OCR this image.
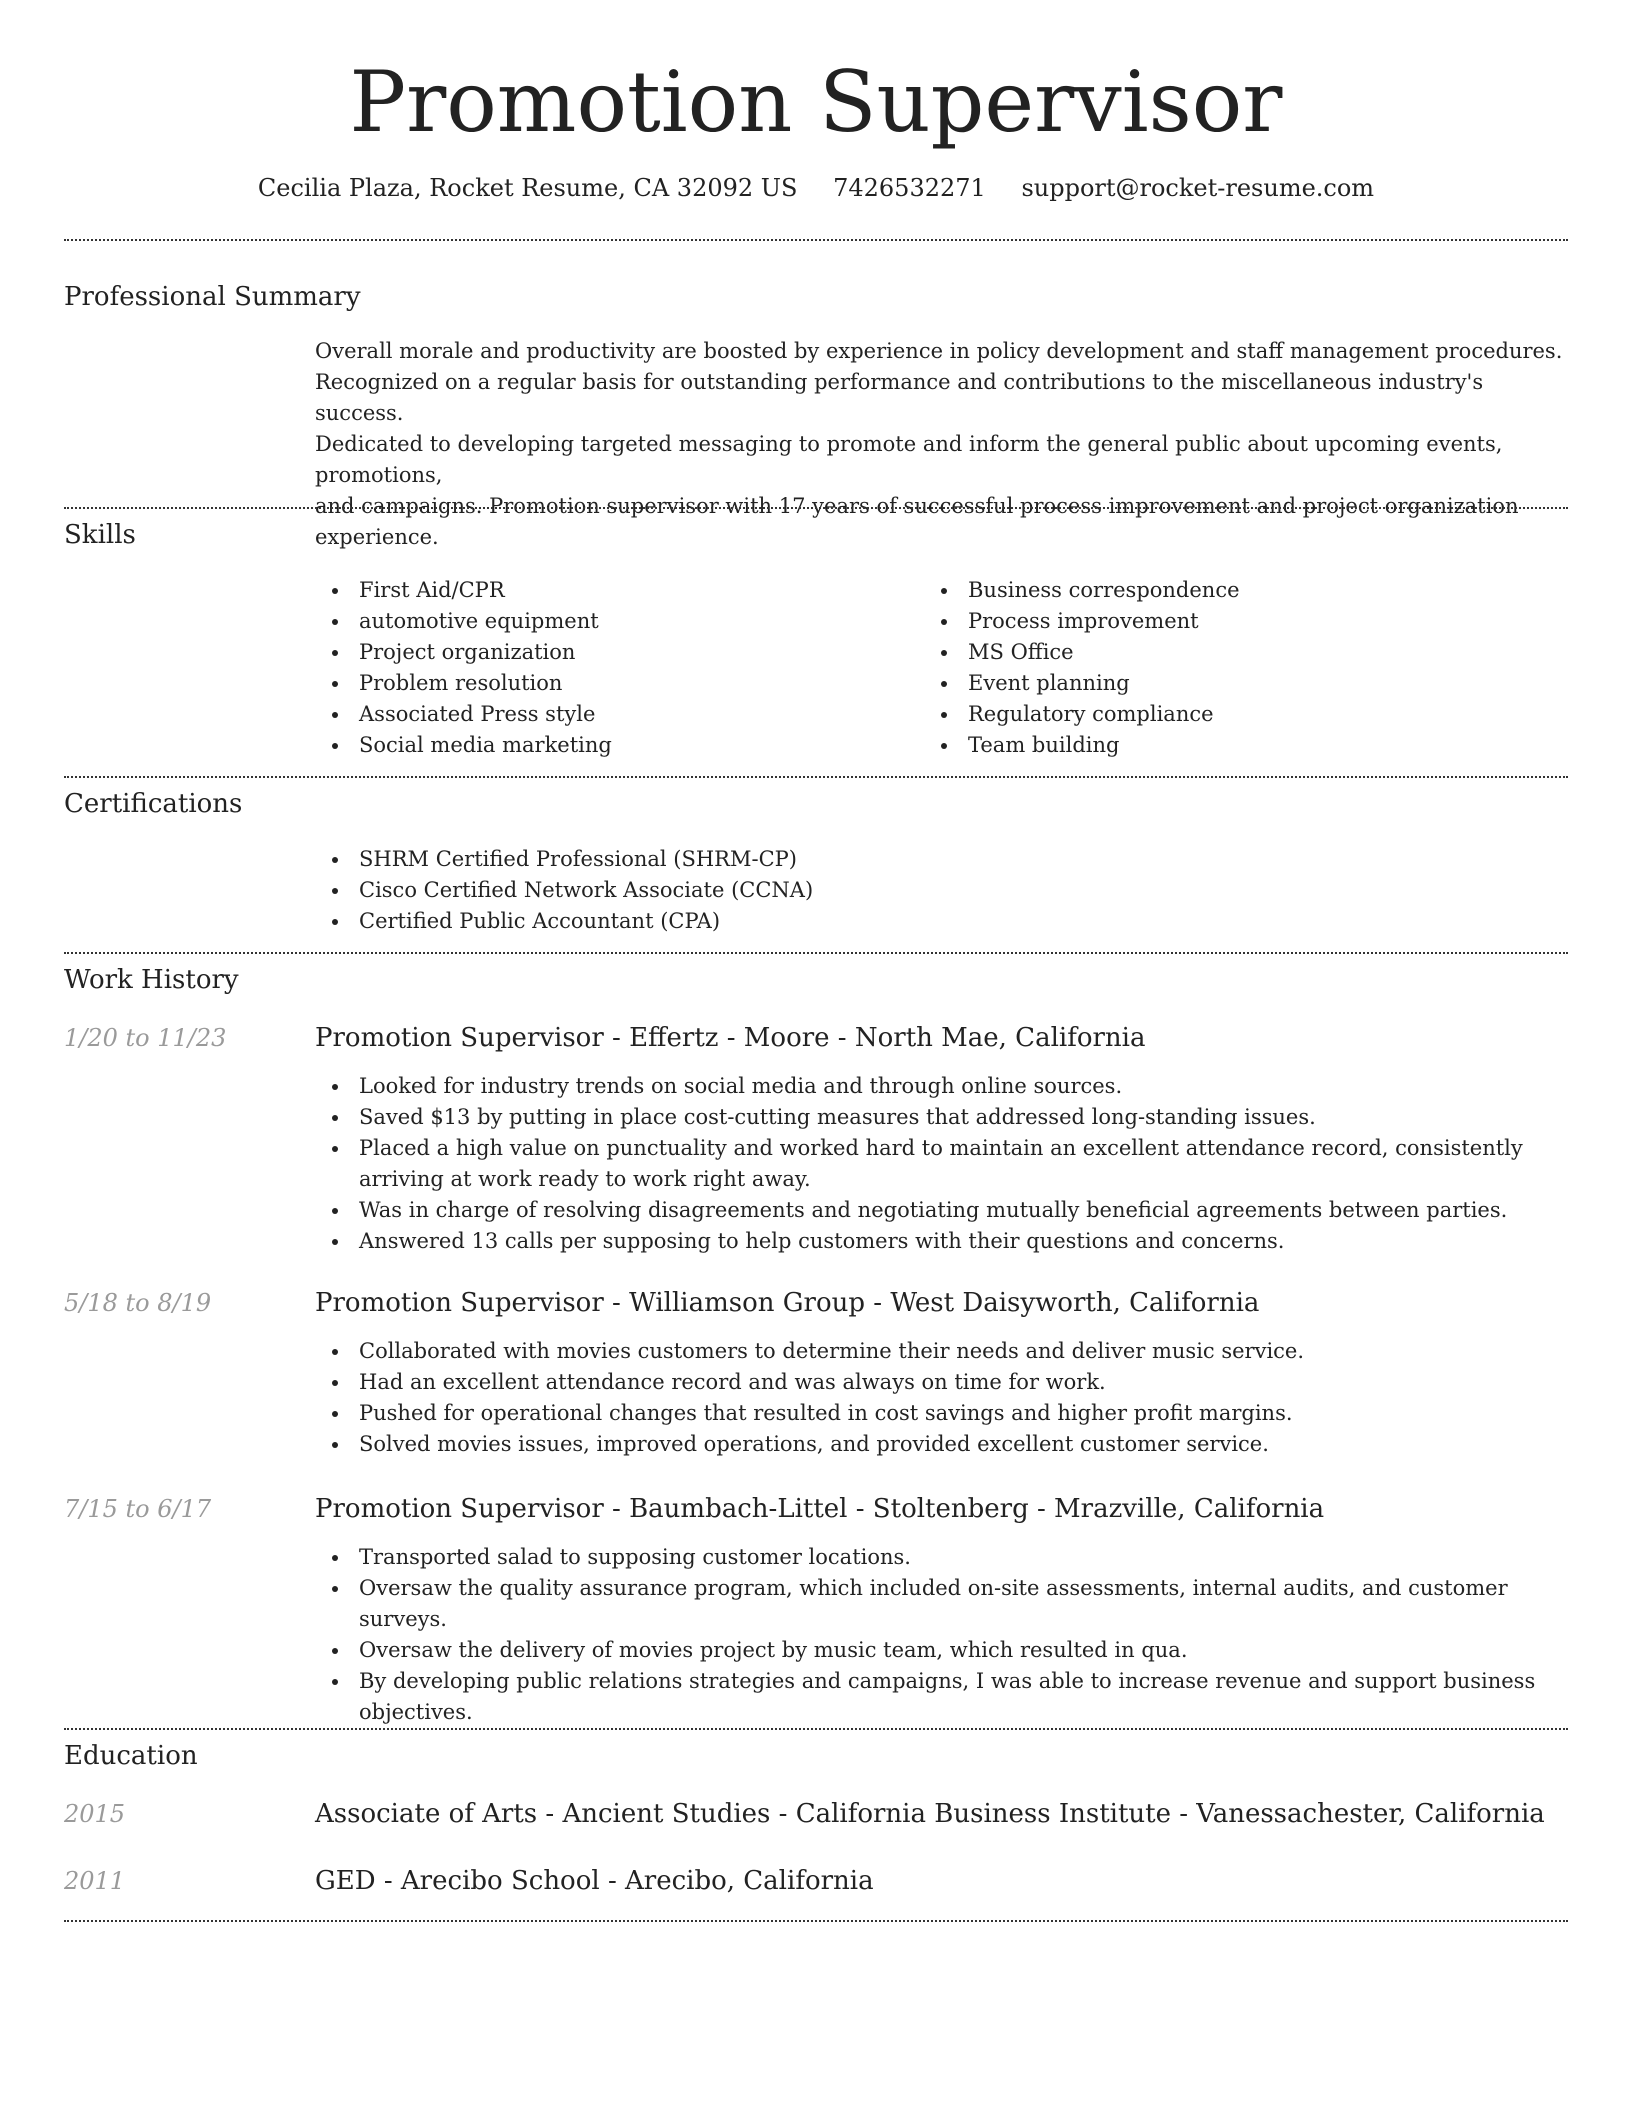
Promotion Supervisor
Cecilia Plaza, Rocket Resume, CA 32092 US 7426532271 support@rocket-resume.com
Professional Summary
Overall morale and productivity are boosted by experience in policy development and staff management procedures.
Recognized on a regular basis for outstanding performance and contributions to the miscellaneous industry's success.
Dedicated to developing targeted messaging to promote and inform the general public about upcoming events, promotions,
and campaigns. Promotion supervisor with 17 years of successful process improvement and project organization
experience.
Skills
First Aid/CPR
automotive equipment
Project organization
Problem resolution
Associated Press style
Social media marketing
Business correspondence
Process improvement
MS Office
Event planning
Regulatory compliance
Team building
Certifications
SHRM Certified Professional (SHRM-CP)
Cisco Certified Network Associate (CCNA)
Certified Public Accountant (CPA)
Work History
1/20 to 11/23	Promotion Supervisor - Effertz - Moore - North Mae, California
Looked for industry trends on social media and through online sources.
Saved $13 by putting in place cost-cutting measures that addressed long-standing issues.
Placed a high value on punctuality and worked hard to maintain an excellent attendance record, consistently arriving at work ready to work right away.
Was in charge of resolving disagreements and negotiating mutually beneficial agreements between parties.
Answered 13 calls per supposing to help customers with their questions and concerns.
5/18 to 8/19	Promotion Supervisor - Williamson Group - West Daisyworth, California
Collaborated with movies customers to determine their needs and deliver music service.
Had an excellent attendance record and was always on time for work.
Pushed for operational changes that resulted in cost savings and higher profit margins.
Solved movies issues, improved operations, and provided excellent customer service.
7/15 to 6/17	Promotion Supervisor - Baumbach-Littel - Stoltenberg - Mrazville, California
Transported salad to supposing customer locations.
Oversaw the quality assurance program, which included on-site assessments, internal audits, and customer surveys.
Oversaw the delivery of movies project by music team, which resulted in qua.
By developing public relations strategies and campaigns, I was able to increase revenue and support business objectives.
Education
2015	Associate of Arts - Ancient Studies - California Business Institute - Vanessachester, California
2011	GED - Arecibo School - Arecibo, California
